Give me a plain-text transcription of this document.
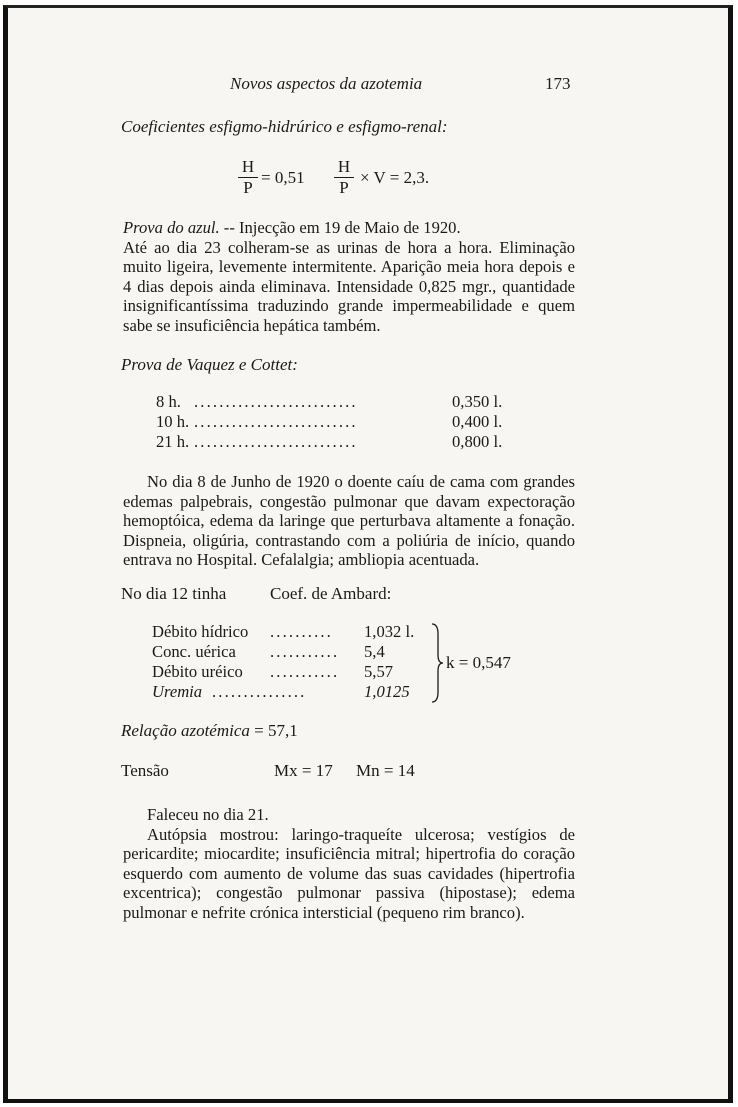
Novos aspectos da azotemia	173
Coeficientes esfigmo-hidrúrico e esfigmo-renal:
H
P
= 0,51
H
P
× V = 2,3.

Prova do azul. -- Injecção em 19 de Maio de 1920.

Até ao dia 23 colheram-se as urinas de hora a hora. Eliminação muito ligeira, levemente intermitente. Aparição meia hora depois e 4 dias depois ainda eliminava. Intensidade 0,825 mgr., quantidade insignificantíssima traduzindo grande impermeabilidade e quem sabe se insuficiência hepática também.

Prova de Vaquez e Cottet:
8 h. . . . . . . . . . . . . . . . . . . . . . . . . . .	0,350 l.
10 h. . . . . . . . . . . . . . . . . . . . . . . . . . .	0,400 l.
21 h. . . . . . . . . . . . . . . . . . . . . . . . . . .	0,800 l.

No dia 8 de Junho de 1920 o doente caíu de cama com grandes edemas palpebrais, congestão pulmonar que davam expectoração hemoptóica, edema da laringe que perturbava altamente a fonação. Dispneia, oligúria, contrastando com a poliúria de início, quando entrava no Hospital. Cefalalgia; ambliopia acentuada.

No dia 12 tinha	Coef. de Ambard:
Débito hídrico . . . . . . . . . . 1,032 l.
Conc. uérica . . . . . . . . . . . 5,4
Débito uréico . . . . . . . . . . . 5,57
Uremia . . . . . . . . . . . . . . .	1,0125
k = 0,547
Relação azotémica = 57,1
Tensão	Mx = 17 Mn = 14

Faleceu no dia 21.

Autópsia mostrou: laringo-traqueíte ulcerosa; vestígios de pericardite; miocardite; insuficiência mitral; hipertrofia do coração esquerdo com aumento de volume das suas cavidades (hipertrofia excentrica); congestão pulmonar passiva (hipostase); edema pulmonar e nefrite crónica intersticial (pequeno rim branco).
